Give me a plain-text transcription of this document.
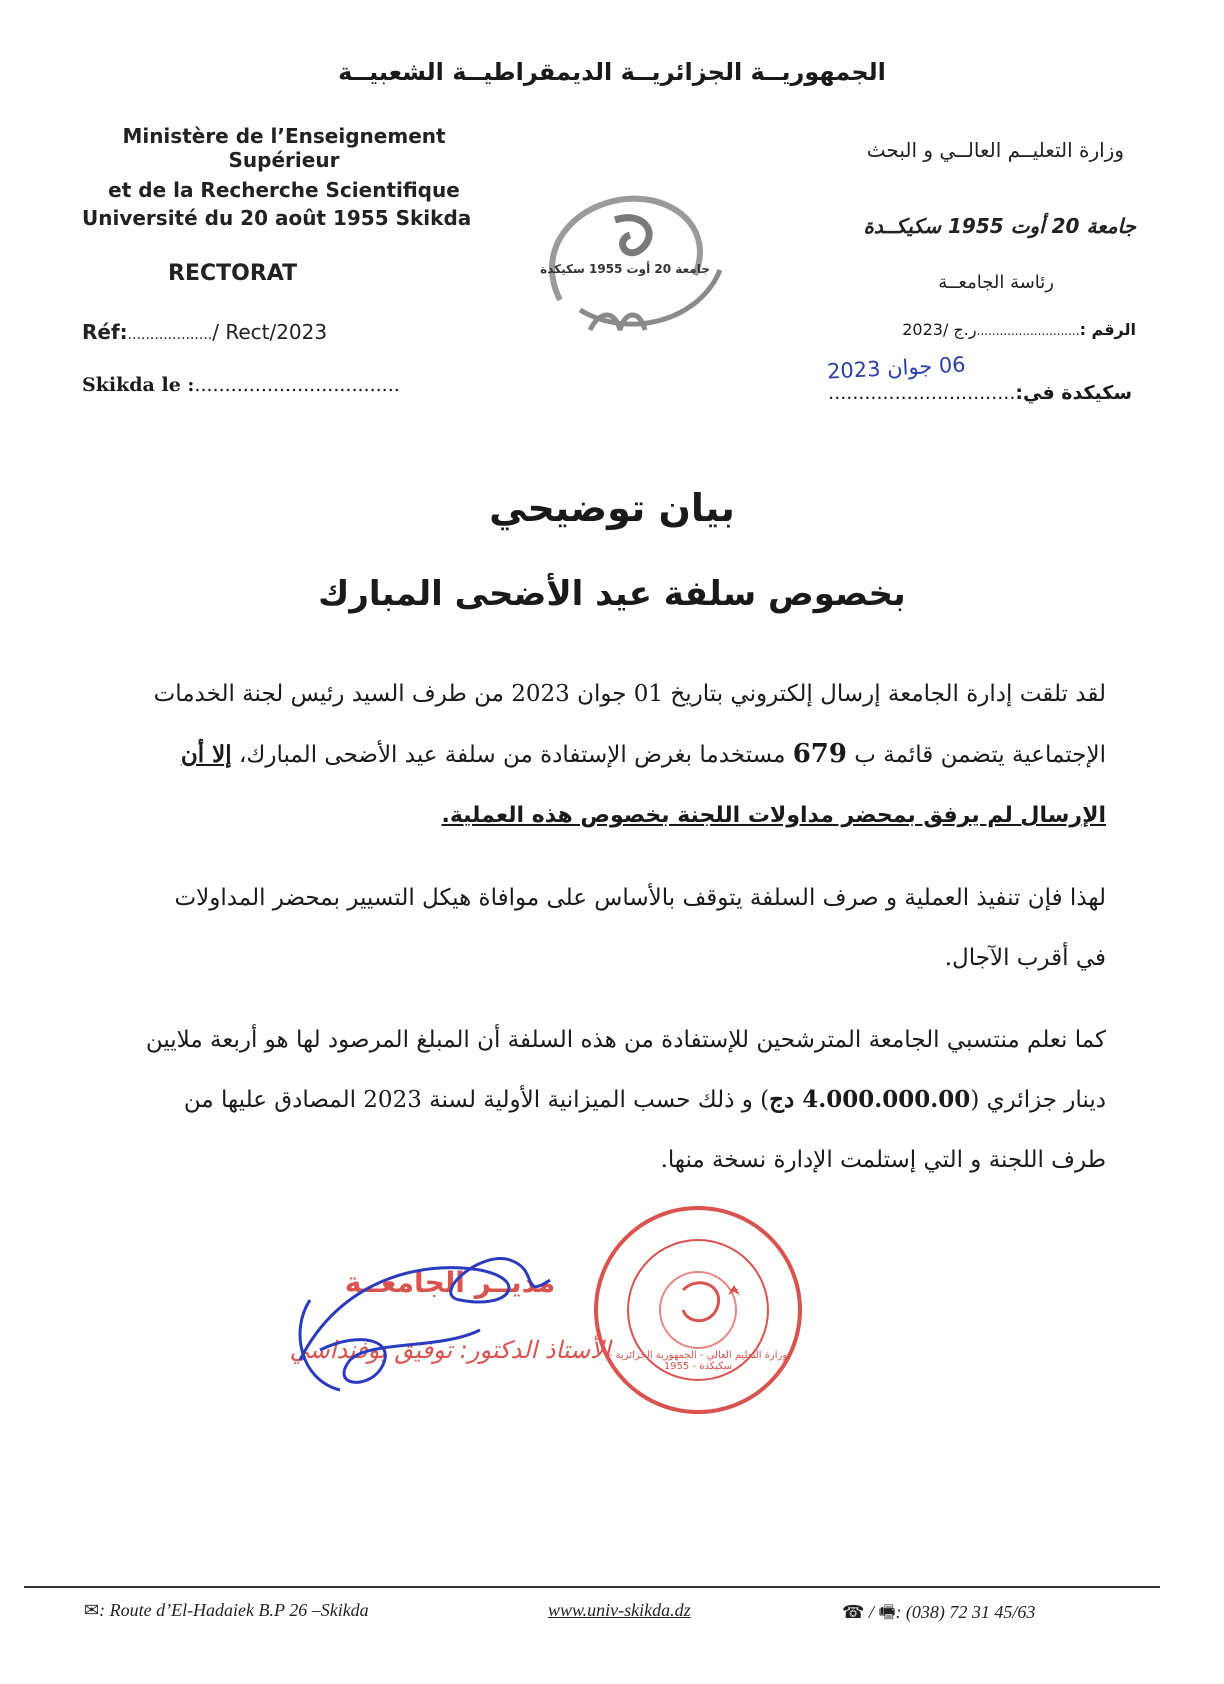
الجمهوريــة الجزائريــة الديمقراطيــة الشعبيــة
Ministère de l’Enseignement Supérieur
et de la Recherche Scientifique
Université du 20 août 1955 Skikda
RECTORAT
Réf:.................../ Rect/2023
Skikda le :..................................
جامعة 20 أوت 1955 سكيكدة
وزارة التعليــم العالــي و البحث
جامعة 20 أوت 1955 سكيكــدة
رئاسة الجامعــة
الرقم :...........................ر.ج /2023
06 جوان 2023
سكيكدة في:...............................
بيان توضيحي
بخصوص سلفة عيد الأضحى المبارك
لقد تلقت إدارة الجامعة إرسال إلكتروني بتاريخ 01 جوان 2023 من طرف السيد رئيس لجنة الخدمات
الإجتماعية يتضمن قائمة ب 679 مستخدما بغرض الإستفادة من سلفة عيد الأضحى المبارك، إلا أن
الإرسال لم يرفق بمحضر مداولات اللجنة بخصوص هذه العملية.
لهذا فإن تنفيذ العملية و صرف السلفة يتوقف بالأساس على موافاة هيكل التسيير بمحضر المداولات
في أقرب الآجال.
كما نعلم منتسبي الجامعة المترشحين للإستفادة من هذه السلفة أن المبلغ المرصود لها هو أربعة ملايين
دينار جزائري (4.000.000.00 دج) و ذلك حسب الميزانية الأولية لسنة 2023 المصادق عليها من
طرف اللجنة و التي إستلمت الإدارة نسخة منها.
مديــر الجامعــة
الأستاذ الدكتور: توفيق بوفنداسي
وزارة التعليم العالي - الجمهورية الجزائرية - سكيكدة - 1955
✉: Route d’El-Hadaiek B.P 26 –Skikda	www.univ-skikda.dz	☎ / 🖷: (038) 72 31 45/63
